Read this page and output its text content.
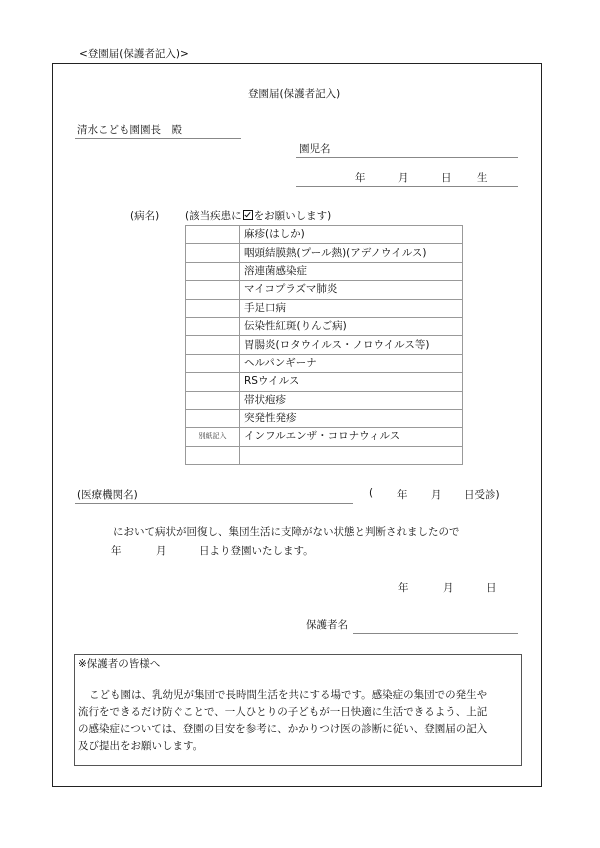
<登園届(保護者記入)>
登園届(保護者記入)
清水こども園園長　殿
園児名
年	月	日 生
(病名) (該当疾患に をお願いします)
	麻疹(はしか)
	咽頭結膜熱(プール熱)(アデノウイルス)
	溶連菌感染症
	マイコプラズマ肺炎
	手足口病
	伝染性紅斑(りんご病)
	胃腸炎(ロタウイルス・ノロウイルス等)
	ヘルパンギーナ
	RSウイルス
	帯状疱疹
	突発性発疹
別紙記入	インフルエンザ・コロナウィルス

(医療機関名)	( 年 月 日受診)
において病状が回復し、集団生活に支障がない状態と判断されましたので
年	月	日より登園いたします。
年	月	日
保護者名
※保護者の皆様へ
こども園は、乳幼児が集団で長時間生活を共にする場です。感染症の集団での発生や
流行をできるだけ防ぐことで、一人ひとりの子どもが一日快適に生活できるよう、上記
の感染症については、登園の目安を参考に、かかりつけ医の診断に従い、登園届の記入
及び提出をお願いします。
